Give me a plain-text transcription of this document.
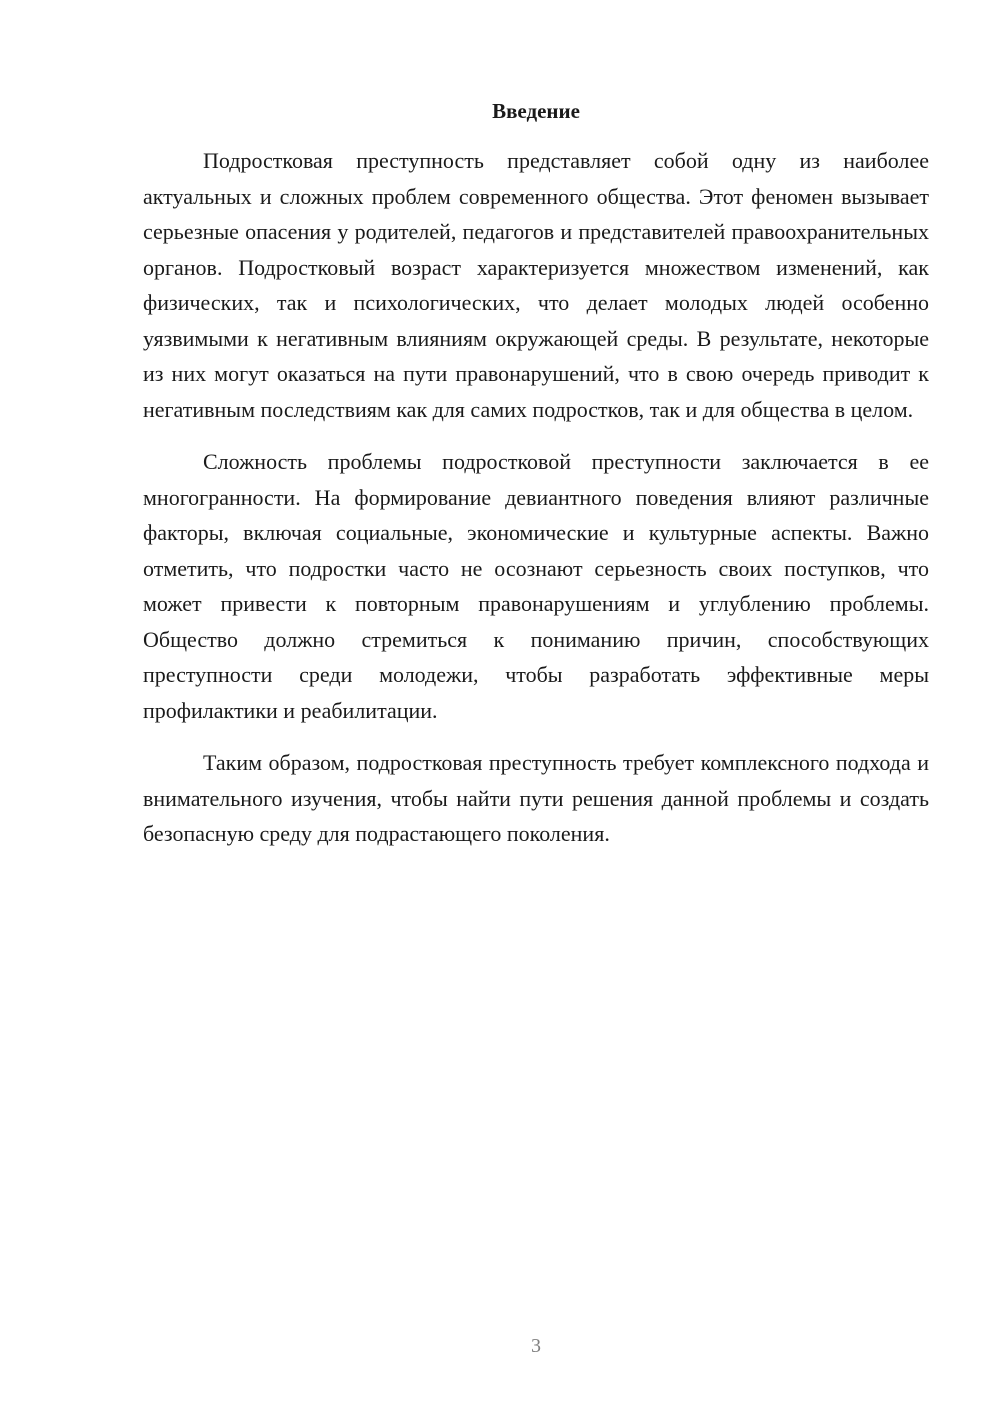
Введение

Подростковая преступность представляет собой одну из наиболее актуальных и сложных проблем современного общества. Этот феномен вызывает серьезные опасения у родителей, педагогов и представителей правоохранительных органов. Подростковый возраст характеризуется множеством изменений, как физических, так и психологических, что делает молодых людей особенно уязвимыми к негативным влияниям окружающей среды. В результате, некоторые из них могут оказаться на пути правонарушений, что в свою очередь приводит к негативным последствиям как для самих подростков, так и для общества в целом.

Сложность проблемы подростковой преступности заключается в ее многогранности. На формирование девиантного поведения влияют различные факторы, включая социальные, экономические и культурные аспекты. Важно отметить, что подростки часто не осознают серьезность своих поступков, что может привести к повторным правонарушениям и углублению проблемы. Общество должно стремиться к пониманию причин, способствующих преступности среди молодежи, чтобы разработать эффективные меры профилактики и реабилитации.

Таким образом, подростковая преступность требует комплексного подхода и внимательного изучения, чтобы найти пути решения данной проблемы и создать безопасную среду для подрастающего поколения.

3
